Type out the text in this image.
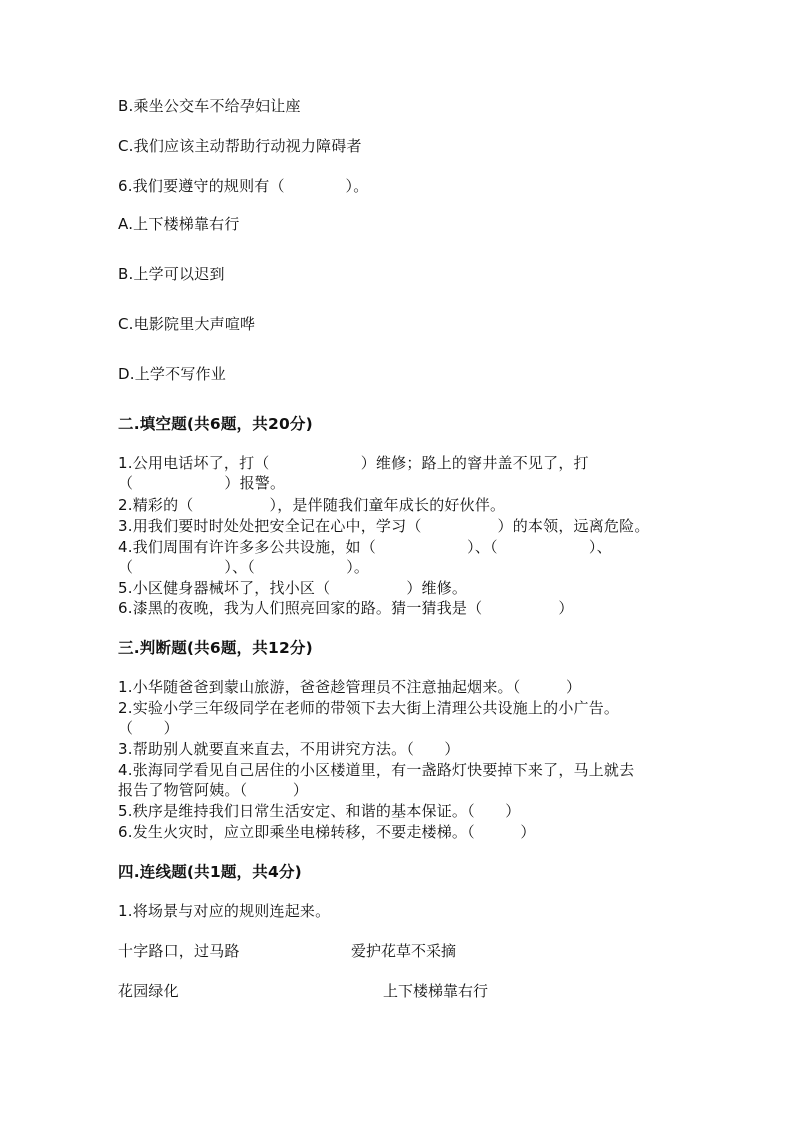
B.乘坐公交车不给孕妇让座
C.我们应该主动帮助行动视力障碍者
6.我们要遵守的规则有（　　　　）。
A.上下楼梯靠右行
B.上学可以迟到
C.电影院里大声喧哗
D.上学不写作业
二.填空题(共6题，共20分)
1.公用电话坏了，打（　　　　　　）维修；路上的窨井盖不见了，打
（　　　　　　）报警。
2.精彩的（　　　　　），是伴随我们童年成长的好伙伴。
3.用我们要时时处处把安全记在心中，学习（　　　　　）的本领，远离危险。
4.我们周围有许许多多公共设施，如（　　　　　　）、（　　　　　　）、
（　　　　　　）、（　　　　　　）。
5.小区健身器械坏了，找小区（　　　　　）维修。
6.漆黑的夜晚，我为人们照亮回家的路。猜一猜我是（　　　　　）
三.判断题(共6题，共12分)
1.小华随爸爸到蒙山旅游，爸爸趁管理员不注意抽起烟来。（　　　）
2.实验小学三年级同学在老师的带领下去大街上清理公共设施上的小广告。
（　　）
3.帮助别人就要直来直去，不用讲究方法。（　　）
4.张海同学看见自己居住的小区楼道里，有一盏路灯快要掉下来了，马上就去
报告了物管阿姨。（　　　）
5.秩序是维持我们日常生活安定、和谐的基本保证。（　　）
6.发生火灾时，应立即乘坐电梯转移，不要走楼梯。（　　　）
四.连线题(共1题，共4分)
1.将场景与对应的规则连起来。
十字路口，过马路	爱护花草不采摘
花园绿化	上下楼梯靠右行
